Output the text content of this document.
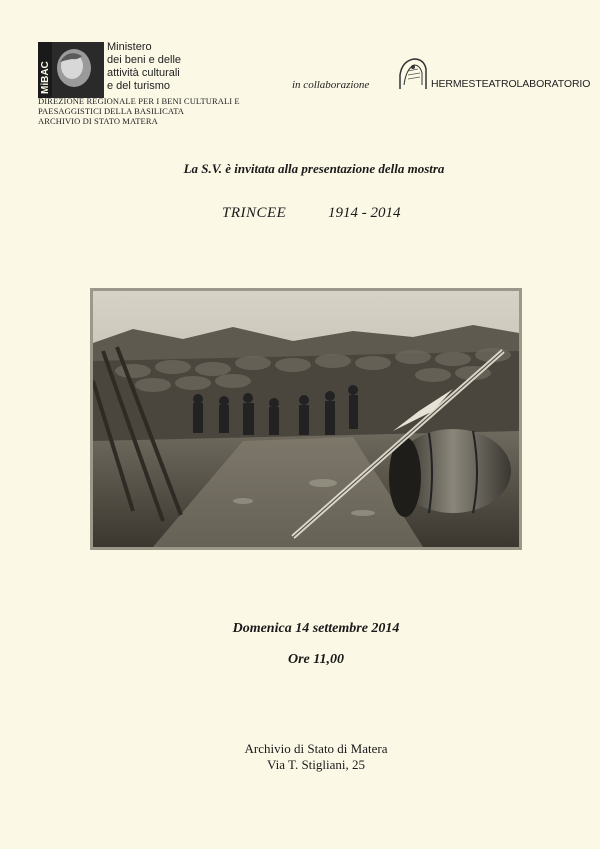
MiBAC
Ministero
dei beni e delle
attività culturali
e del turismo
DIREZIONE REGIONALE PER I BENI CULTURALI E
PAESAGGISTICI DELLA BASILICATA
ARCHIVIO DI STATO MATERA
in collaborazione	HERMESTEATROLABORATORIO
La S.V. è invitata alla presentazione della mostra
TRINCEE	1914 - 2014
Domenica 14 settembre 2014
Ore 11,00
Archivio di Stato di Matera
Via T. Stigliani, 25
